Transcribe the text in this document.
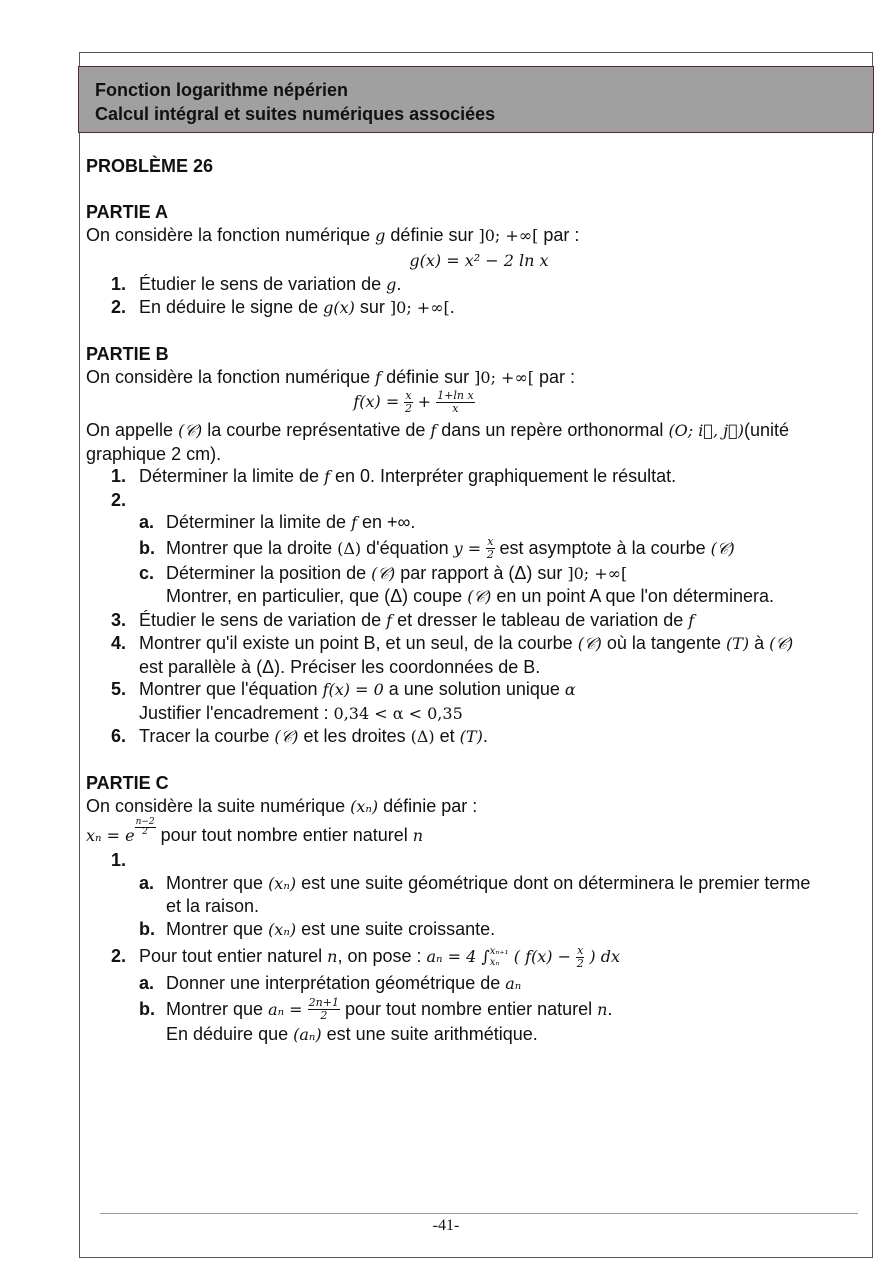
Fonction logarithme népérien
Calcul intégral et suites numériques associées
PROBLÈME 26
PARTIE A
On considère la fonction numérique g définie sur ]0; +∞[ par :
g(x) = x² − 2 ln x
1. Étudier le sens de variation de g.
2. En déduire le signe de g(x) sur ]0; +∞[.
PARTIE B
On considère la fonction numérique f définie sur ]0; +∞[ par :
$f(x) = \frac{x}{2} + \frac{\text{1+ln x}}{x}$
On appelle (𝒞) la courbe représentative de f dans un repère orthonormal (O; i⃗, j⃗)(unité graphique 2 cm).
1. Déterminer la limite de f en 0. Interpréter graphiquement le résultat.
2.

a. Déterminer la limite de f en +∞.
b. Montrer que la droite (Δ) d'équation $y = \frac{x}{2}$ est asymptote à la courbe (𝒞)
c. Déterminer la position de (𝒞) par rapport à (Δ) sur ]0; +∞[
Montrer, en particulier, que (Δ) coupe (𝒞) en un point A que l'on déterminera.
3. Étudier le sens de variation de f et dresser le tableau de variation de f
4. Montrer qu'il existe un point B, et un seul, de la courbe (𝒞) où la tangente (T) à (𝒞)
est parallèle à (Δ). Préciser les coordonnées de B.
5. Montrer que l'équation f(x) = 0 a une solution unique α
Justifier l'encadrement : 0,34 < α < 0,35
6. Tracer la courbe (𝒞) et les droites (Δ) et (T).
PARTIE C
On considère la suite numérique (xₙ) définie par :
xₙ = e $\frac{n-2}{2}$ pour tout nombre entier naturel n
1.

a. Montrer que (xₙ) est une suite géométrique dont on déterminera le premier terme
et la raison.
b. Montrer que (xₙ) est une suite croissante.
2. Pour tout entier naturel n, on pose : aₙ = 4 ∫ xₙ₊₁
xₙ ( $f(x) - \frac{x}{2}$ ) dx
a. Donner une interprétation géométrique de aₙ
b. Montrer que $a_n = \frac{2n+1}{2}$ pour tout nombre entier naturel n.
En déduire que (aₙ) est une suite arithmétique.
-41-
